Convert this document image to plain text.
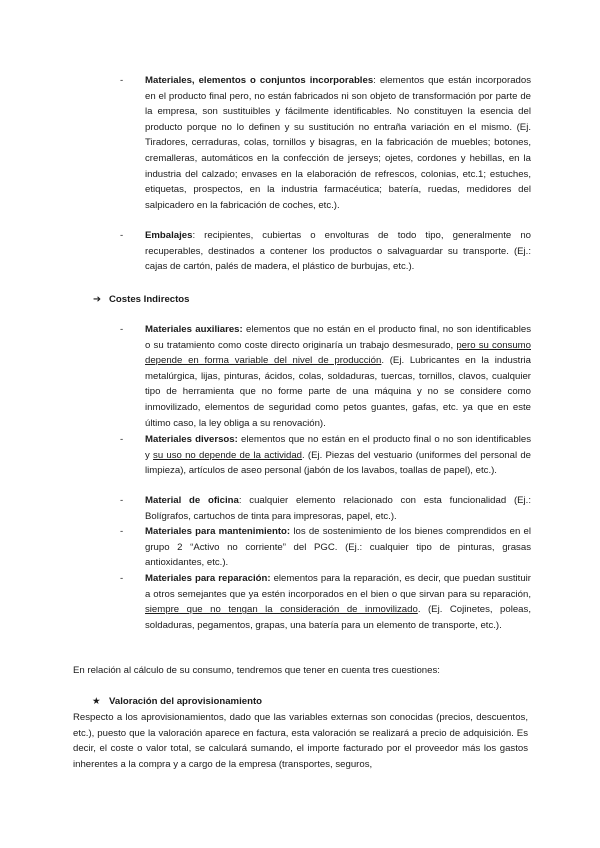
- Materiales, elementos o conjuntos incorporables: elementos que están incorporados en el producto final pero, no están fabricados ni son objeto de transformación por parte de la empresa, son sustituibles y fácilmente identificables. No constituyen la esencia del producto porque no lo definen y su sustitución no entraña variación en el mismo. (Ej. Tiradores, cerraduras, colas, tornillos y bisagras, en la fabricación de muebles; botones, cremalleras, automáticos en la confección de jerseys; ojetes, cordones y hebillas, en la industria del calzado; envases en la elaboración de refrescos, colonias, etc.1; estuches, etiquetas, prospectos, en la industria farmacéutica; batería, ruedas, medidores del salpicadero en la fabricación de coches, etc.).
- Embalajes: recipientes, cubiertas o envolturas de todo tipo, generalmente no recuperables, destinados a contener los productos o salvaguardar su transporte. (Ej.: cajas de cartón, palés de madera, el plástico de burbujas, etc.).
➔ Costes Indirectos
- Materiales auxiliares: elementos que no están en el producto final, no son identificables o su tratamiento como coste directo originaría un trabajo desmesurado, pero su consumo depende en forma variable del nivel de producción. (Ej. Lubricantes en la industria metalúrgica, lijas, pinturas, ácidos, colas, soldaduras, tuercas, tornillos, clavos, cualquier tipo de herramienta que no forme parte de una máquina y no se considere como inmovilizado, elementos de seguridad como petos guantes, gafas, etc. ya que en este último caso, la ley obliga a su renovación).
- Materiales diversos: elementos que no están en el producto final o no son identificables y su uso no depende de la actividad. (Ej. Piezas del vestuario (uniformes del personal de limpieza), artículos de aseo personal (jabón de los lavabos, toallas de papel), etc.).
- Material de oficina: cualquier elemento relacionado con esta funcionalidad (Ej.: Bolígrafos, cartuchos de tinta para impresoras, papel, etc.).
- Materiales para mantenimiento: los de sostenimiento de los bienes comprendidos en el grupo 2 “Activo no corriente” del PGC. (Ej.: cualquier tipo de pinturas, grasas antioxidantes, etc.).
- Materiales para reparación: elementos para la reparación, es decir, que puedan sustituir a otros semejantes que ya estén incorporados en el bien o que sirvan para su reparación, siempre que no tengan la consideración de inmovilizado. (Ej. Cojinetes, poleas, soldaduras, pegamentos, grapas, una batería para un elemento de transporte, etc.).
En relación al cálculo de su consumo, tendremos que tener en cuenta tres cuestiones:
★ Valoración del aprovisionamiento
Respecto a los aprovisionamientos, dado que las variables externas son conocidas (precios, descuentos, etc.), puesto que la valoración aparece en factura, esta valoración se realizará a precio de adquisición. Es decir, el coste o valor total, se calculará sumando, el importe facturado por el proveedor más los gastos inherentes a la compra y a cargo de la empresa (transportes, seguros,
